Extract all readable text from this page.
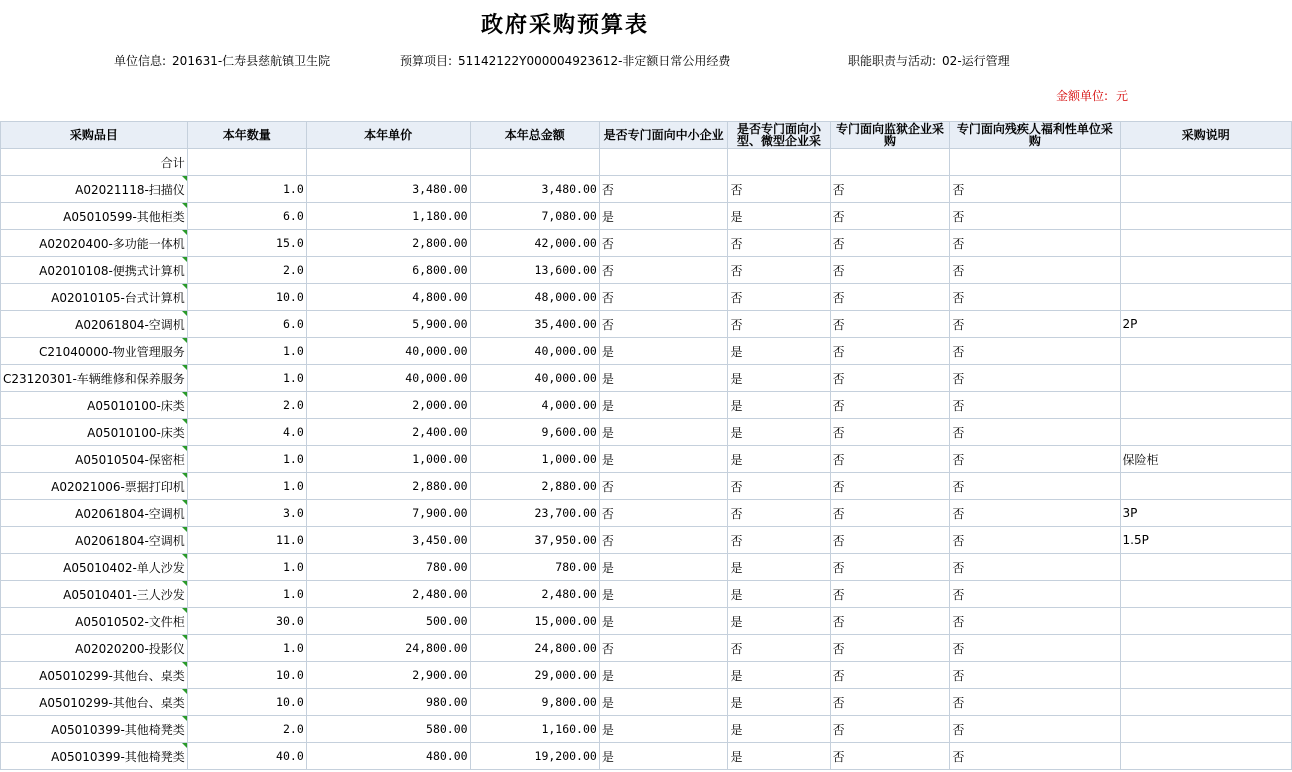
政府采购预算表
单位信息: 201631-仁寿县慈航镇卫生院	预算项目: 51142122Y000004923612-非定额日常公用经费	职能职责与活动: 02-运行管理
金额单位: 元
采购品目	本年数量	本年单价	本年总金额	是否专门面向中小企业	是否专门面向小型、微型企业采	专门面向监狱企业采购	专门面向残疾人福利性单位采购	采购说明
合计								
A02021118-扫描仪	1.0	3,480.00	3,480.00	否	否	否	否	
A05010599-其他柜类	6.0	1,180.00	7,080.00	是	是	否	否	
A02020400-多功能一体机	15.0	2,800.00	42,000.00	否	否	否	否	
A02010108-便携式计算机	2.0	6,800.00	13,600.00	否	否	否	否	
A02010105-台式计算机	10.0	4,800.00	48,000.00	否	否	否	否	
A02061804-空调机	6.0	5,900.00	35,400.00	否	否	否	否	2P
C21040000-物业管理服务	1.0	40,000.00	40,000.00	是	是	否	否	
C23120301-车辆维修和保养服务	1.0	40,000.00	40,000.00	是	是	否	否	
A05010100-床类	2.0	2,000.00	4,000.00	是	是	否	否	
A05010100-床类	4.0	2,400.00	9,600.00	是	是	否	否	
A05010504-保密柜	1.0	1,000.00	1,000.00	是	是	否	否	保险柜
A02021006-票据打印机	1.0	2,880.00	2,880.00	否	否	否	否	
A02061804-空调机	3.0	7,900.00	23,700.00	否	否	否	否	3P
A02061804-空调机	11.0	3,450.00	37,950.00	否	否	否	否	1.5P
A05010402-单人沙发	1.0	780.00	780.00	是	是	否	否	
A05010401-三人沙发	1.0	2,480.00	2,480.00	是	是	否	否	
A05010502-文件柜	30.0	500.00	15,000.00	是	是	否	否	
A02020200-投影仪	1.0	24,800.00	24,800.00	否	否	否	否	
A05010299-其他台、桌类	10.0	2,900.00	29,000.00	是	是	否	否	
A05010299-其他台、桌类	10.0	980.00	9,800.00	是	是	否	否	
A05010399-其他椅凳类	2.0	580.00	1,160.00	是	是	否	否	
A05010399-其他椅凳类	40.0	480.00	19,200.00	是	是	否	否	
